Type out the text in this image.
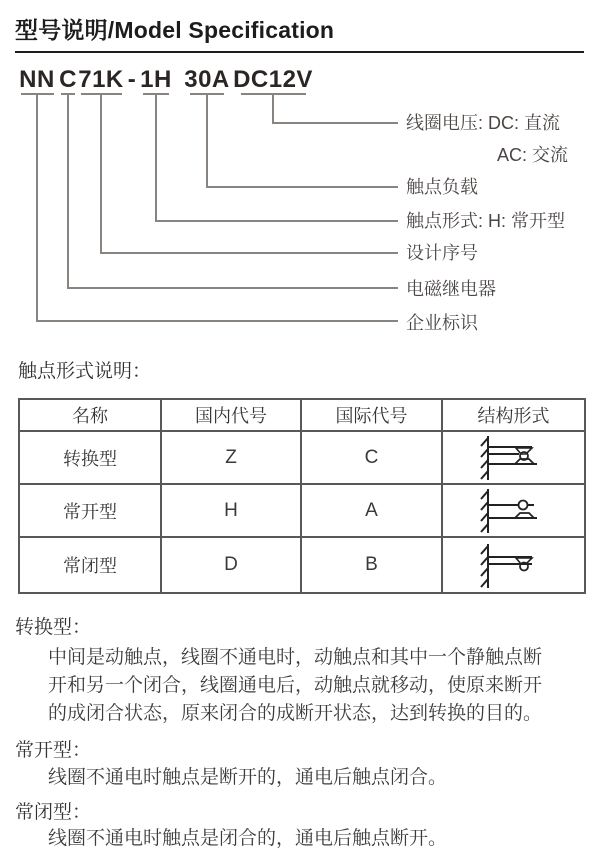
型号说明/Model Specification
NN C 71K - 1H 30A DC12V
线圈电压: DC: 直流
AC: 交流
触点负载
触点形式: H: 常开型
设计序号
电磁继电器
企业标识
触点形式说明：
名称	国内代号	国际代号	结构形式
转换型	Z	C
常开型	H	A
常闭型	D	B
转换型：
中间是动触点，线圈不通电时，动触点和其中一个静触点断
开和另一个闭合，线圈通电后，动触点就移动，使原来断开
的成闭合状态，原来闭合的成断开状态，达到转换的目的。
常开型：
线圈不通电时触点是断开的，通电后触点闭合。
常闭型：
线圈不通电时触点是闭合的，通电后触点断开。
